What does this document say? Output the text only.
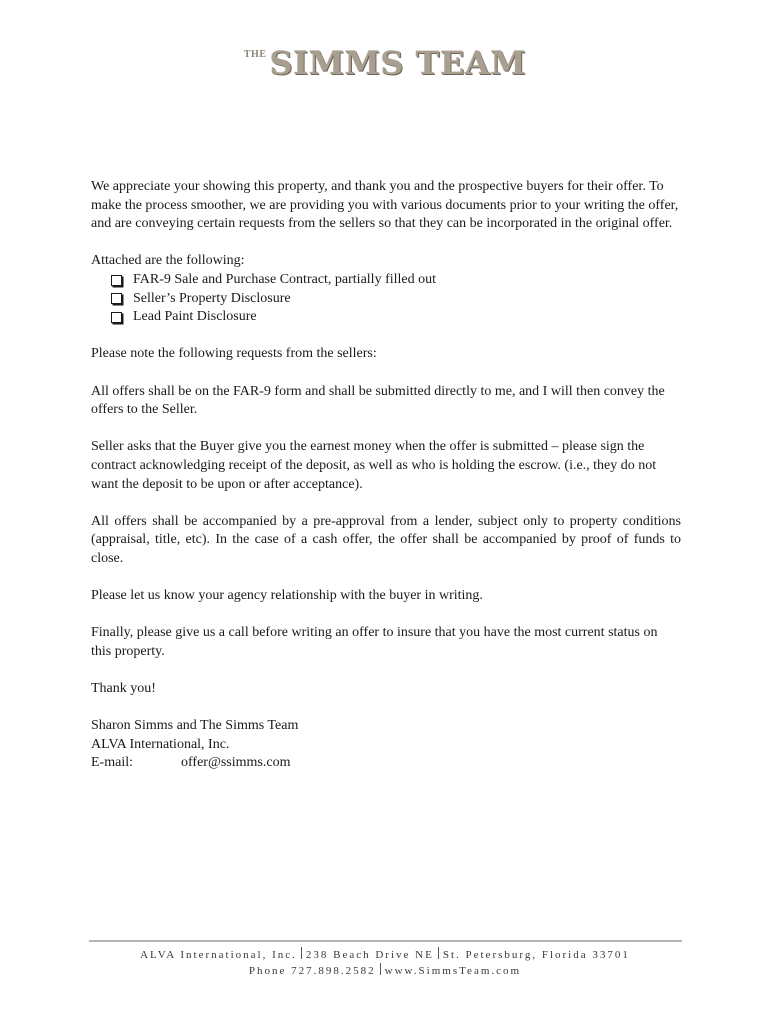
$^{THE}$SIMMS TEAM

We appreciate your showing this property, and thank you and the prospective buyers for their offer. To make the process smoother, we are providing you with various documents prior to your writing the offer, and are conveying certain requests from the sellers so that they can be incorporated in the original offer.

Attached are the following:
FAR-9 Sale and Purchase Contract, partially filled out
Seller’s Property Disclosure
Lead Paint Disclosure

Please note the following requests from the sellers:

All offers shall be on the FAR-9 form and shall be submitted directly to me, and I will then convey the offers to the Seller.

Seller asks that the Buyer give you the earnest money when the offer is submitted – please sign the contract acknowledging receipt of the deposit, as well as who is holding the escrow. (i.e., they do not want the deposit to be upon or after acceptance).

All offers shall be accompanied by a pre-approval from a lender, subject only to property conditions (appraisal, title, etc). In the case of a cash offer, the offer shall be accompanied by proof of funds to close.

Please let us know your agency relationship with the buyer in writing.

Finally, please give us a call before writing an offer to insure that you have the most current status on this property.

Thank you!

Sharon Simms and The Simms Team
ALVA International, Inc.
E-mail:	offer@ssimms.com
ALVA International, Inc. 238 Beach Drive NE St. Petersburg, Florida 33701
Phone 727.898.2582 www.SimmsTeam.com
